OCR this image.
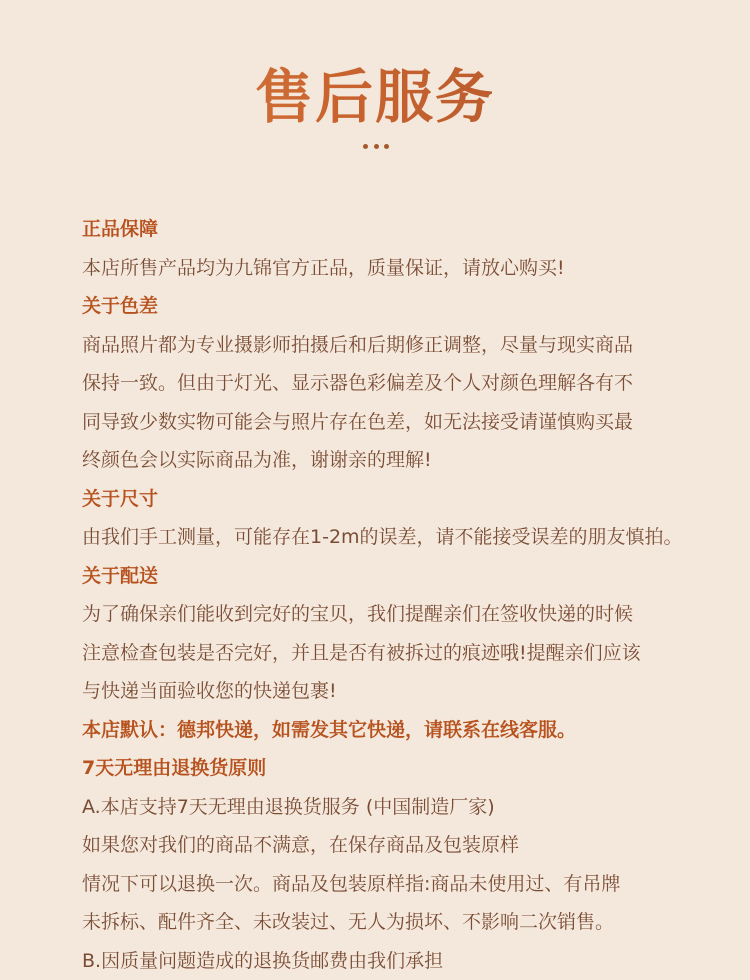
售后服务
正品保障
本店所售产品均为九锦官方正品，质量保证，请放心购买!
关于色差
商品照片都为专业摄影师拍摄后和后期修正调整，尽量与现实商品
保持一致。但由于灯光、显示器色彩偏差及个人对颜色理解各有不
同导致少数实物可能会与照片存在色差，如无法接受请谨慎购买最
终颜色会以实际商品为准，谢谢亲的理解!
关于尺寸
由我们手工测量，可能存在1-2m的误差，请不能接受误差的朋友慎拍。
关于配送
为了确保亲们能收到完好的宝贝，我们提醒亲们在签收快递的时候
注意检查包装是否完好，并且是否有被拆过的痕迹哦!提醒亲们应该
与快递当面验收您的快递包裹!
本店默认：德邦快递，如需发其它快递，请联系在线客服。
7天无理由退换货原则
A.本店支持7天无理由退换货服务 (中国制造厂家)
如果您对我们的商品不满意，在保存商品及包装原样
情况下可以退换一次。商品及包装原样指:商品未使用过、有吊牌
未拆标、配件齐全、未改装过、无人为损坏、不影响二次销售。
B.因质量问题造成的退换货邮费由我们承担
